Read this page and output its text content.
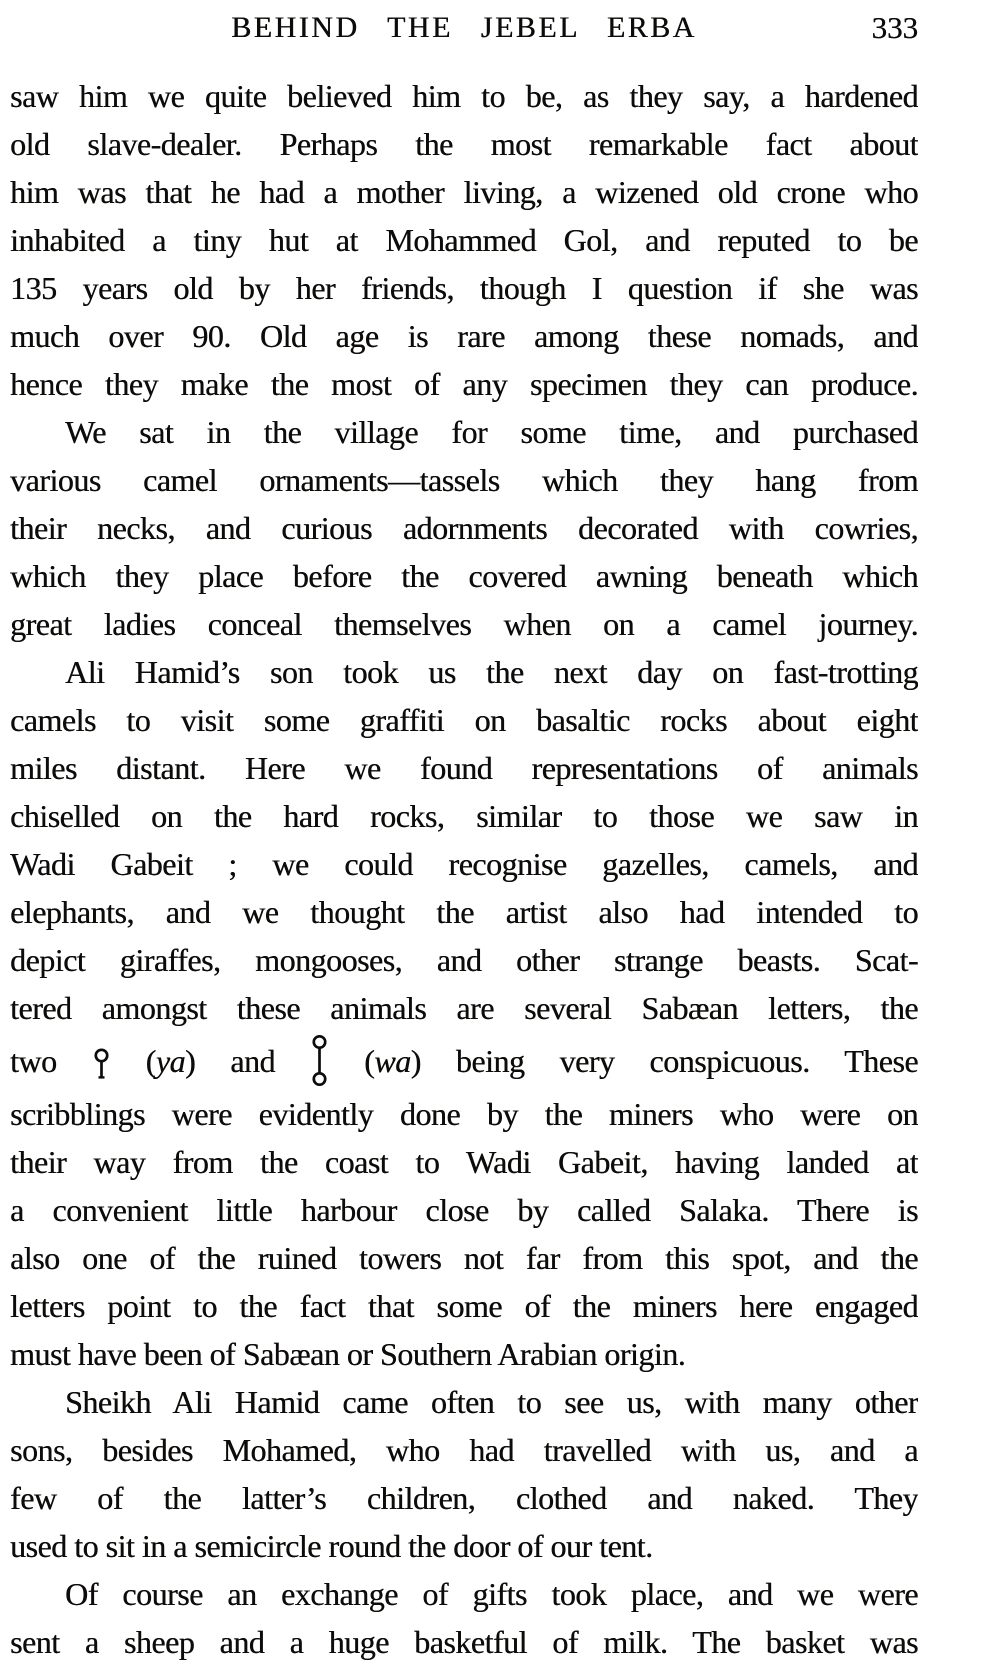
BEHIND THE JEBEL ERBA	333
saw him we quite believed him to be, as they say, a hardened
old slave-dealer. Perhaps the most remarkable fact about
him was that he had a mother living, a wizened old crone who
inhabited a tiny hut at Mohammed Gol, and reputed to be
135 years old by her friends, though I question if she was
much over 90. Old age is rare among these nomads, and
hence they make the most of any specimen they can produce.
We sat in the village for some time, and purchased
various camel ornaments—tassels which they hang from
their necks, and curious adornments decorated with cowries,
which they place before the covered awning beneath which
great ladies conceal themselves when on a camel journey.
Ali Hamid’s son took us the next day on fast-trotting
camels to visit some graffiti on basaltic rocks about eight
miles distant. Here we found representations of animals
chiselled on the hard rocks, similar to those we saw in
Wadi Gabeit ; we could recognise gazelles, camels, and
elephants, and we thought the artist also had intended to
depict giraffes, mongooses, and other strange beasts. Scat-
tered amongst these animals are several Sabæan letters, the
two  (ya) and  (wa) being very conspicuous. These
scribblings were evidently done by the miners who were on
their way from the coast to Wadi Gabeit, having landed at
a convenient little harbour close by called Salaka. There is
also one of the ruined towers not far from this spot, and the
letters point to the fact that some of the miners here engaged
must have been of Sabæan or Southern Arabian origin.
Sheikh Ali Hamid came often to see us, with many other
sons, besides Mohamed, who had travelled with us, and a
few of the latter’s children, clothed and naked. They
used to sit in a semicircle round the door of our tent.
Of course an exchange of gifts took place, and we were
sent a sheep and a huge basketful of milk. The basket was
